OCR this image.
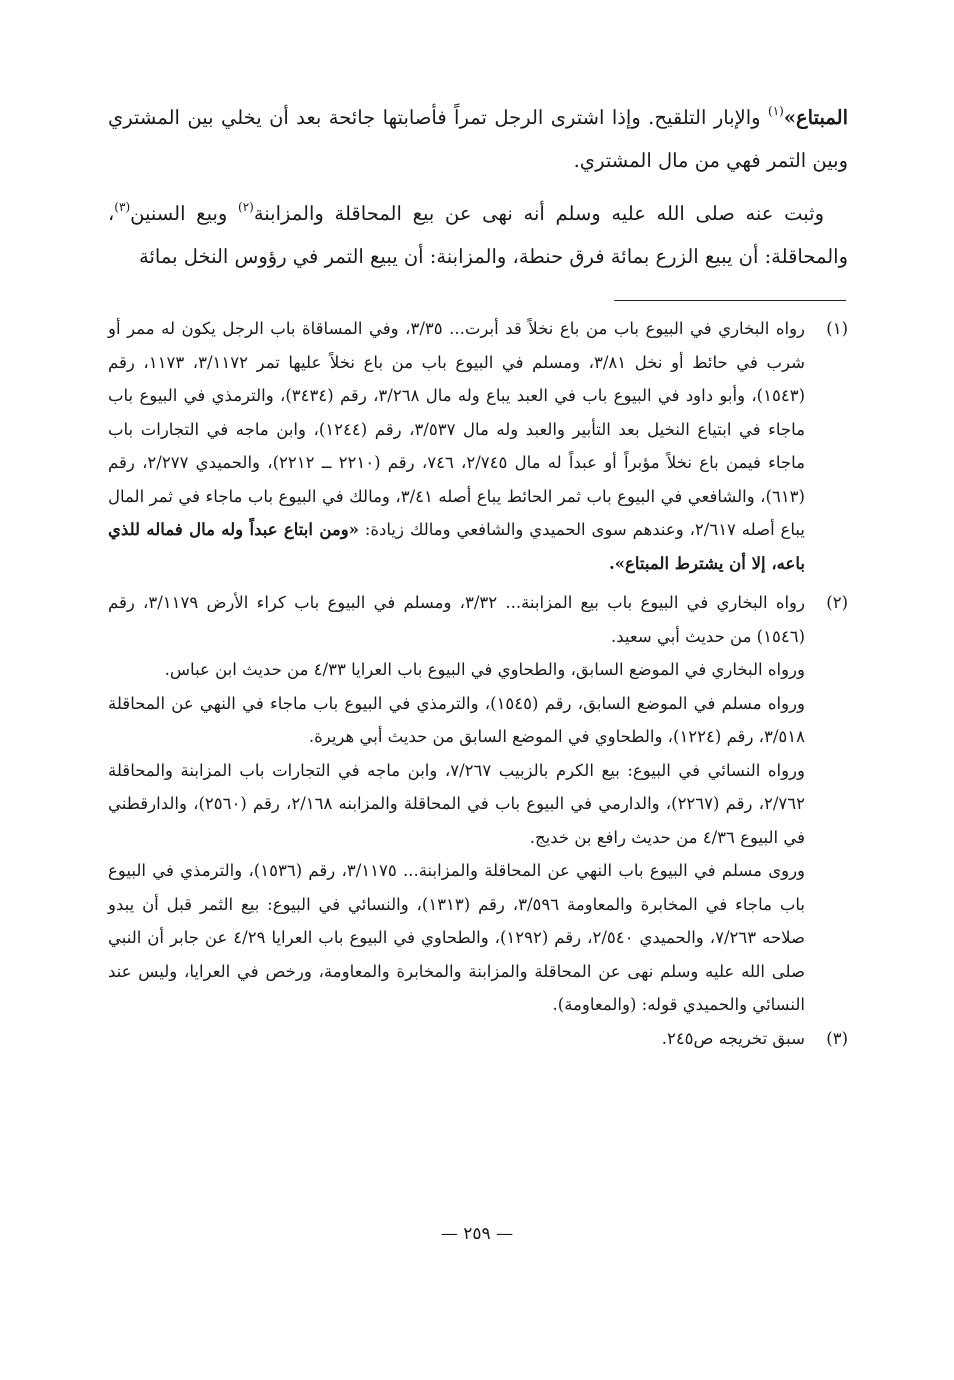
المبتاع»$^{(١)}$ والإبار التلقيح. وإذا اشترى الرجل تمراً فأصابتها جائحة بعد أن يخلي بين المشتري وبين التمر فهي من مال المشتري.

وثبت عنه صلى الله عليه وسلم أنه نهى عن بيع المحاقلة والمزابنة$^{(٢)}$ وبيع السنين$^{(٣)}$، والمحاقلة: أن يبيع الزرع بمائة فرق حنطة، والمزابنة: أن يبيع التمر في رؤوس النخل بمائة

(١)

رواه البخاري في البيوع باب من باع نخلاً قد أبرت... ٣/٣٥، وفي المساقاة باب الرجل يكون له ممر أو شرب في حائط أو نخل ٣/٨١، ومسلم في البيوع باب من باع نخلاً عليها تمر ٣/١١٧٢، ١١٧٣، رقم (١٥٤٣)، وأبو داود في البيوع باب في العبد يباع وله مال ٣/٢٦٨، رقم (٣٤٣٤)، والترمذي في البيوع باب ماجاء في ابتياع النخيل بعد التأبير والعبد وله مال ٣/٥٣٧، رقم (١٢٤٤)، وابن ماجه في التجارات باب ماجاء فيمن باع نخلاً مؤبراً أو عبداً له مال ٢/٧٤٥، ٧٤٦، رقم (٢٢١٠ ــ ٢٢١٢)، والحميدي ٢/٢٧٧، رقم (٦١٣)، والشافعي في البيوع باب ثمر الحائط يباع أصله ٣/٤١، ومالك في البيوع باب ماجاء في ثمر المال يباع أصله ٢/٦١٧، وعندهم سوى الحميدي والشافعي ومالك زيادة: «ومن ابتاع عبداً وله مال فماله للذي باعه، إلا أن يشترط المبتاع».

(٢)

رواه البخاري في البيوع باب بيع المزابنة... ٣/٣٢، ومسلم في البيوع باب كراء الأرض ٣/١١٧٩، رقم (١٥٤٦) من حديث أبي سعيد.

ورواه البخاري في الموضع السابق، والطحاوي في البيوع باب العرايا ٤/٣٣ من حديث ابن عباس.

ورواه مسلم في الموضع السابق، رقم (١٥٤٥)، والترمذي في البيوع باب ماجاء في النهي عن المحاقلة ٣/٥١٨، رقم (١٢٢٤)، والطحاوي في الموضع السابق من حديث أبي هريرة.

ورواه النسائي في البيوع: بيع الكرم بالزبيب ٧/٢٦٧، وابن ماجه في التجارات باب المزابنة والمحاقلة ٢/٧٦٢، رقم (٢٢٦٧)، والدارمي في البيوع باب في المحاقلة والمزابنه ٢/١٦٨، رقم (٢٥٦٠)، والدارقطني في البيوع ٤/٣٦ من حديث رافع بن خديج.

وروى مسلم في البيوع باب النهي عن المحاقلة والمزابنة... ٣/١١٧٥، رقم (١٥٣٦)، والترمذي في البيوع باب ماجاء في المخابرة والمعاومة ٣/٥٩٦، رقم (١٣١٣)، والنسائي في البيوع: بيع الثمر قبل أن يبدو صلاحه ٧/٢٦٣، والحميدي ٢/٥٤٠، رقم (١٢٩٢)، والطحاوي في البيوع باب العرايا ٤/٢٩ عن جابر أن النبي صلى الله عليه وسلم نهى عن المحاقلة والمزابنة والمخابرة والمعاومة، ورخص في العرايا، وليس عند النسائي والحميدي قوله: (والمعاومة).

(٣)

سبق تخريجه ص٢٤٥.

— ٢٥٩ —
